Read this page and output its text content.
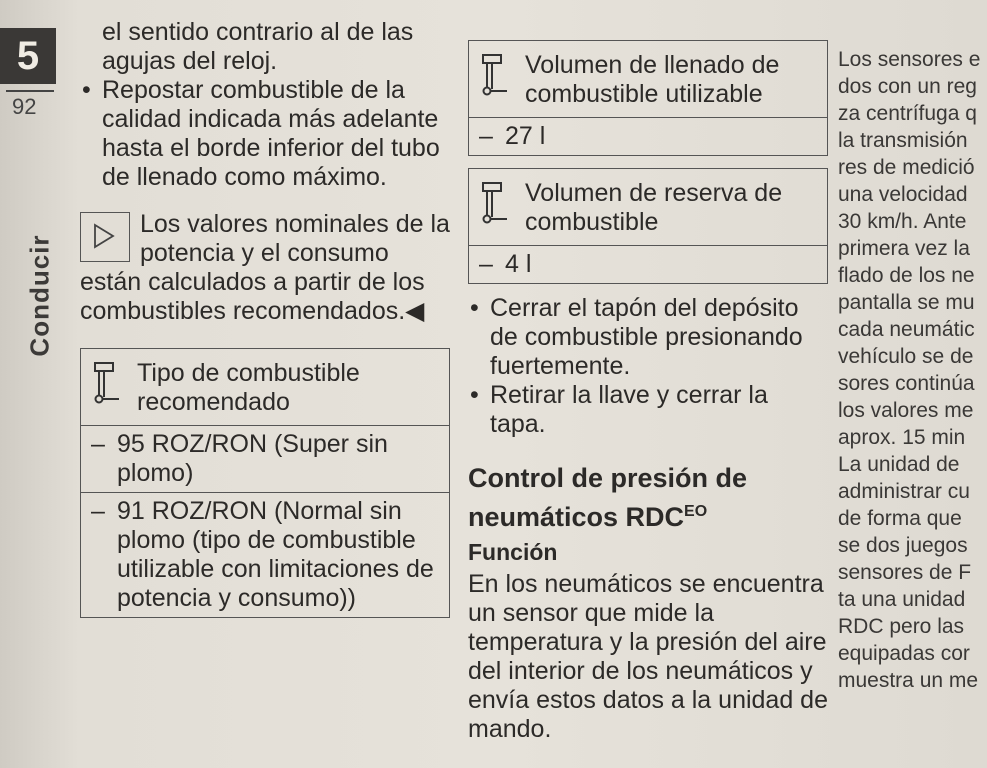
5
92
Conducir

el sentido contrario al de las agujas del reloj.

• Repostar combustible de la calidad indicada más adelante hasta el borde inferior del tubo de llenado como máximo.
Los valores nominales de la potencia y el consumo están calculados a partir de los combustibles recomendados.◀
Tipo de combustible recomendado
– 95 ROZ/RON (Super sin plomo)
– 91 ROZ/RON (Normal sin plomo (tipo de combustible utilizable con limitaciones de potencia y consumo))
Volumen de llenado de combustible utilizable
– 27 l
Volumen de reserva de combustible
– 4 l
• Cerrar el tapón del depósito de combustible presionando fuertemente.
• Retirar la llave y cerrar la tapa.
Control de presión de neumáticos $RDC^{EO}$
Función

En los neumáticos se encuentra un sensor que mide la temperatura y la presión del aire del interior de los neumáticos y envía estos datos a la unidad de mando.

Los sensores e
dos con un reg
za centrífuga q
la transmisión
res de medició
una velocidad
30 km/h. Ante
primera vez la
flado de los ne
pantalla se mu
cada neumátic
vehículo se de
sores continúa
los valores me
aprox. 15 min
La unidad de
administrar cu
de forma que
se dos juegos
sensores de F
ta una unidad
RDC pero las
equipadas cor
muestra un me
